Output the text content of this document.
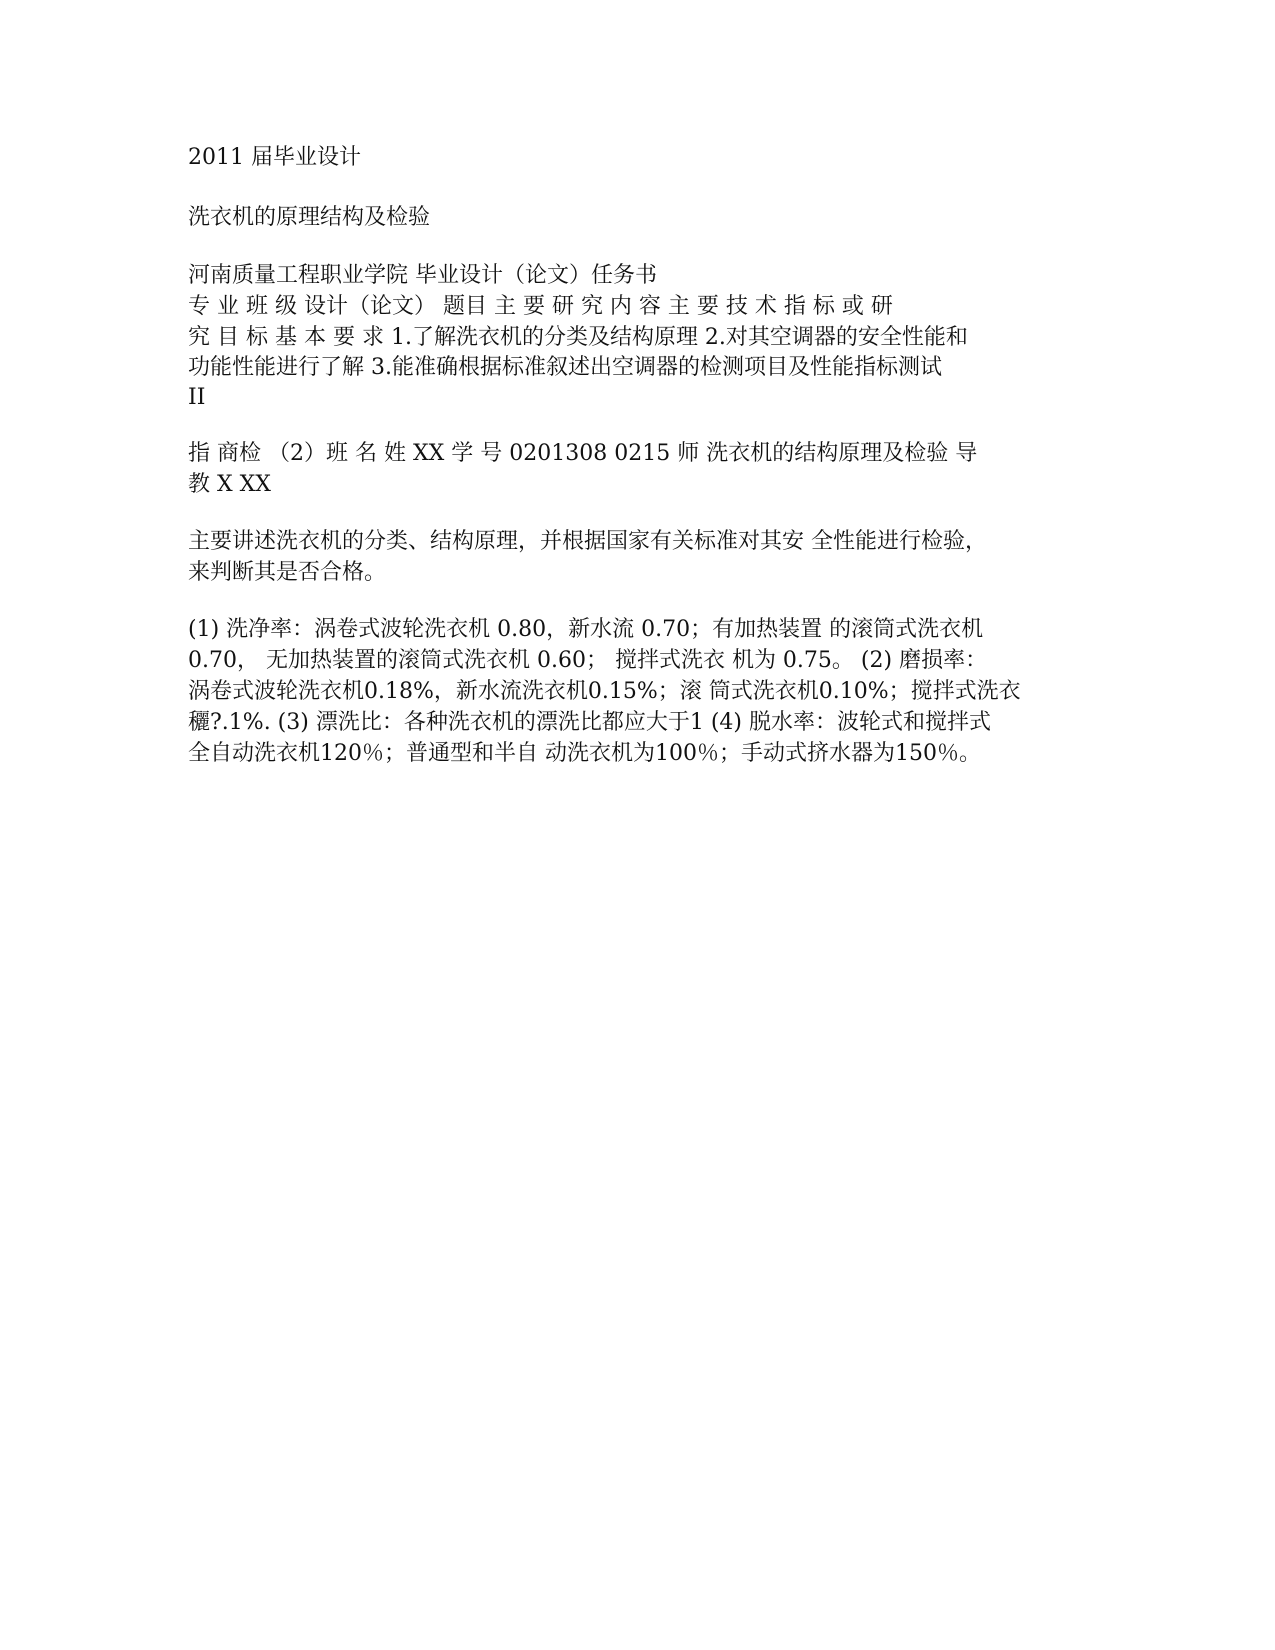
2011 届毕业设计
洗衣机的原理结构及检验
河南质量工程职业学院 毕业设计（论文）任务书
专 业 班 级 设计（论文） 题目 主 要 研 究 内 容 主 要 技 术 指 标 或 研
究 目 标 基 本 要 求 1.了解洗衣机的分类及结构原理 2.对其空调器的安全性能和
功能性能进行了解 3.能准确根据标准叙述出空调器的检测项目及性能指标测试
II
指 商检 （2）班 名 姓 XX 学 号 0201308 0215 师 洗衣机的结构原理及检验 导
教 X XX
主要讲述洗衣机的分类、结构原理，并根据国家有关标准对其安 全性能进行检验，
来判断其是否合格。
(1) 洗净率：涡卷式波轮洗衣机 0.80，新水流 0.70；有加热装置 的滚筒式洗衣机
0.70， 无加热装置的滚筒式洗衣机 0.60； 搅拌式洗衣 机为 0.75。 (2) 磨损率：
涡卷式波轮洗衣机0.18%，新水流洗衣机0.15%；滚 筒式洗衣机0.10%；搅拌式洗衣
穲?.1%. (3) 漂洗比：各种洗衣机的漂洗比都应大于1 (4) 脱水率：波轮式和搅拌式
全自动洗衣机120％；普通型和半自 动洗衣机为100％；手动式挤水器为150％。
